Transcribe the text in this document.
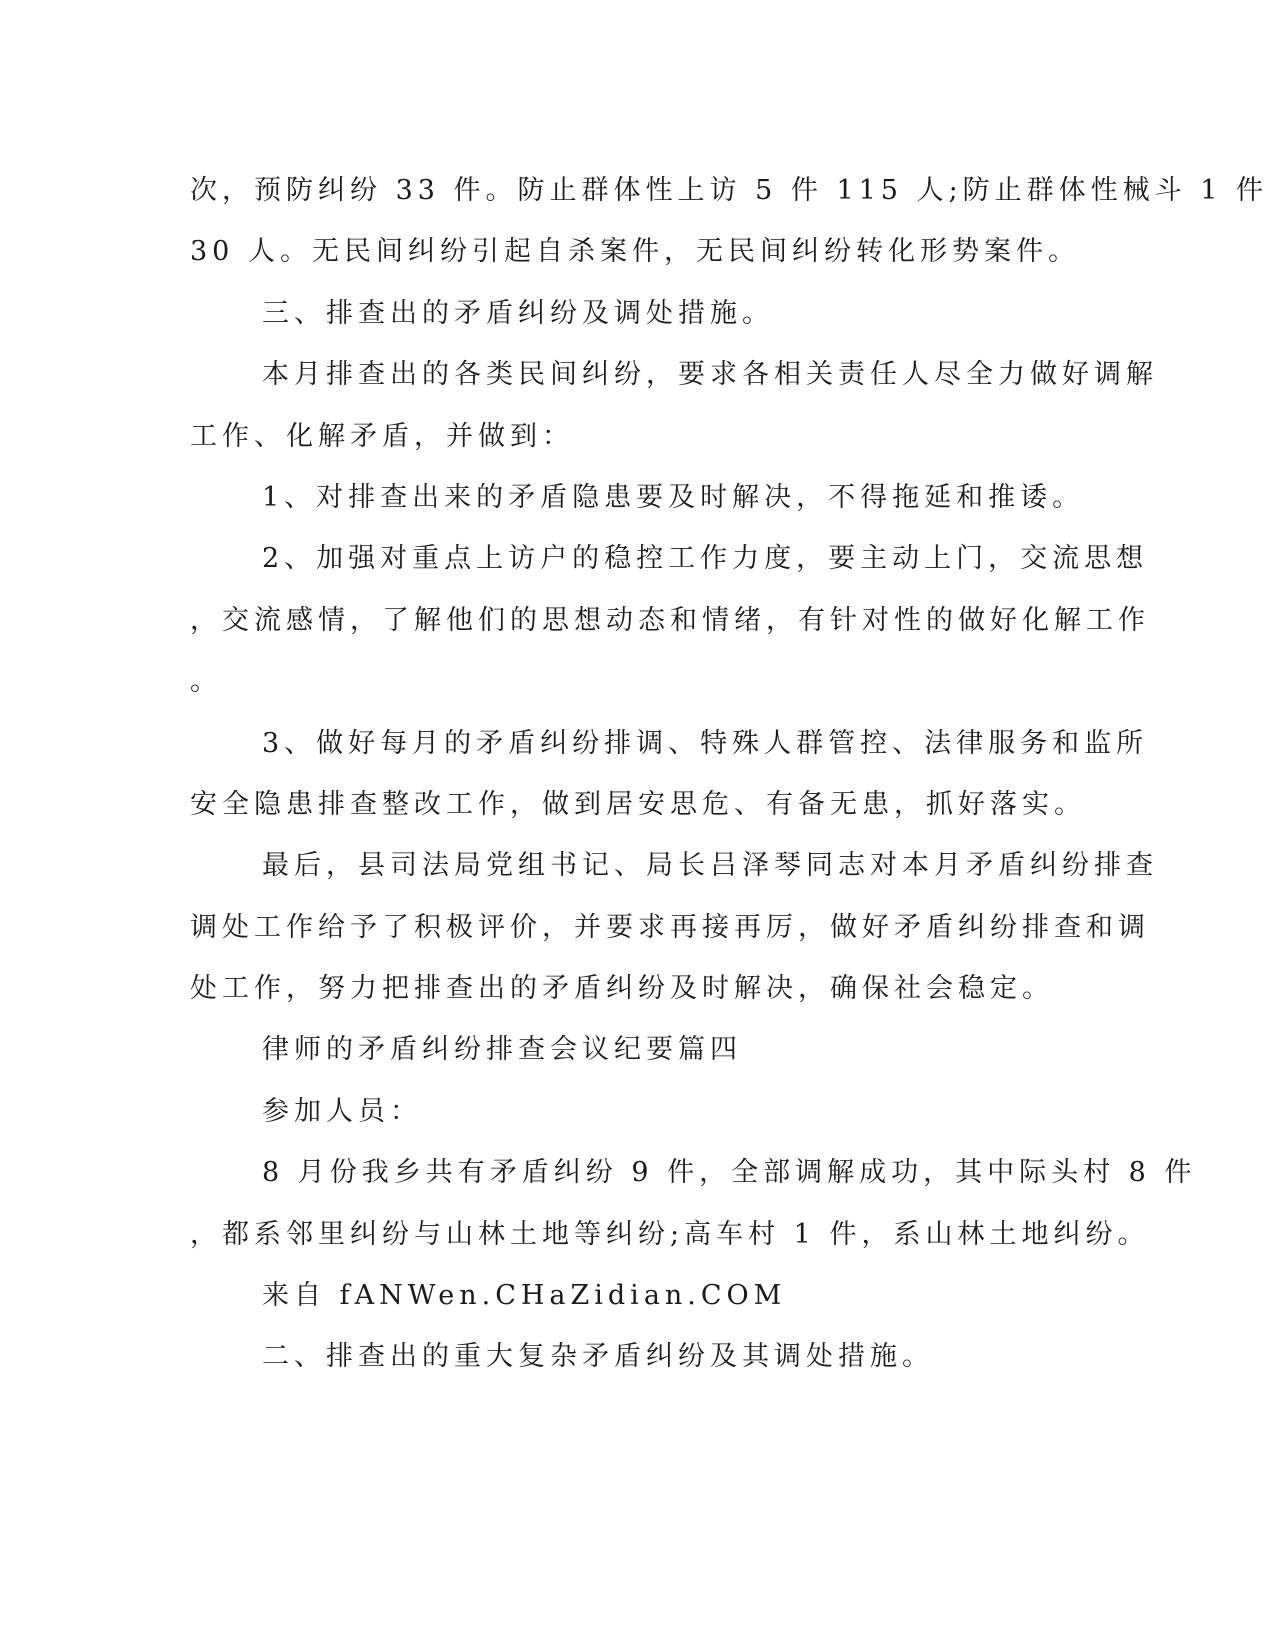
次，预防纠纷 33 件。防止群体性上访 5 件 115 人;防止群体性械斗 1 件
30 人。无民间纠纷引起自杀案件，无民间纠纷转化形势案件。
三、排查出的矛盾纠纷及调处措施。
本月排查出的各类民间纠纷，要求各相关责任人尽全力做好调解
工作、化解矛盾，并做到：
1、对排查出来的矛盾隐患要及时解决，不得拖延和推诿。
2、加强对重点上访户的稳控工作力度，要主动上门，交流思想
，交流感情，了解他们的思想动态和情绪，有针对性的做好化解工作
。
3、做好每月的矛盾纠纷排调、特殊人群管控、法律服务和监所
安全隐患排查整改工作，做到居安思危、有备无患，抓好落实。
最后，县司法局党组书记、局长吕泽琴同志对本月矛盾纠纷排查
调处工作给予了积极评价，并要求再接再厉，做好矛盾纠纷排查和调
处工作，努力把排查出的矛盾纠纷及时解决，确保社会稳定。
律师的矛盾纠纷排查会议纪要篇四
参加人员：
8 月份我乡共有矛盾纠纷 9 件，全部调解成功，其中际头村 8 件
，都系邻里纠纷与山林土地等纠纷;高车村 1 件，系山林土地纠纷。
来自 fANWen.CHaZidian.COM
二、排查出的重大复杂矛盾纠纷及其调处措施。
